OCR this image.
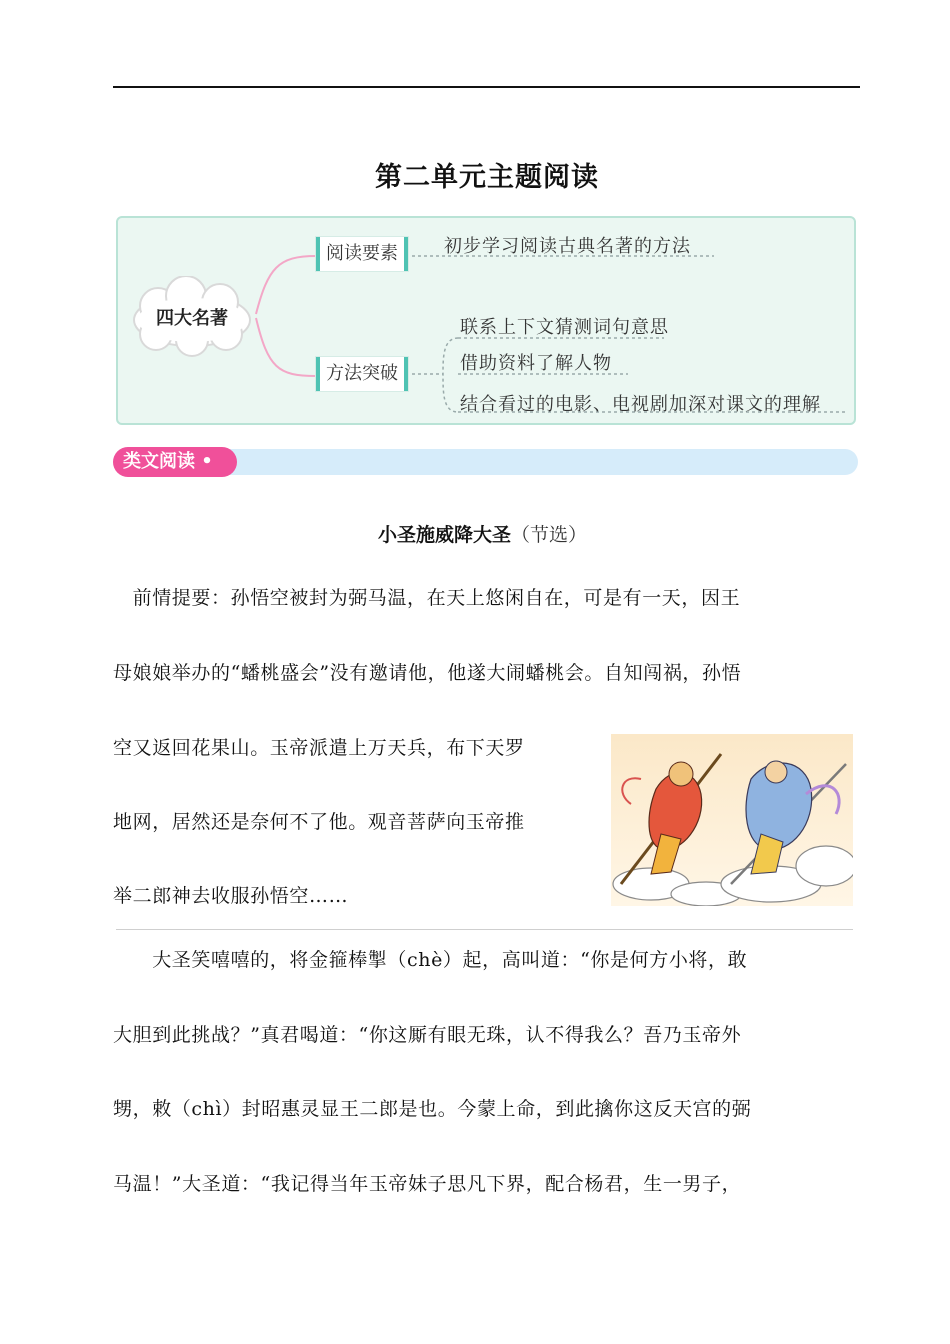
第二单元主题阅读
四大名著
阅读要素
方法突破
初步学习阅读古典名著的方法
联系上下文猜测词句意思
借助资料了解人物
结合看过的电影、电视剧加深对课文的理解
类文阅读 •
小圣施威降大圣（节选）
　前情提要：孙悟空被封为弼马温，在天上悠闲自在，可是有一天，因王
母娘娘举办的“蟠桃盛会”没有邀请他，他遂大闹蟠桃会。自知闯祸，孙悟
空又返回花果山。玉帝派遣上万天兵，布下天罗
地网，居然还是奈何不了他。观音菩萨向玉帝推
举二郎神去收服孙悟空……
　　大圣笑嘻嘻的，将金箍棒掣（chè）起，高叫道：“你是何方小将，敢
大胆到此挑战？”真君喝道：“你这厮有眼无珠，认不得我么？吾乃玉帝外
甥，敕（chì）封昭惠灵显王二郎是也。今蒙上命，到此擒你这反天宫的弼
马温！”大圣道：“我记得当年玉帝妹子思凡下界，配合杨君，生一男子，
